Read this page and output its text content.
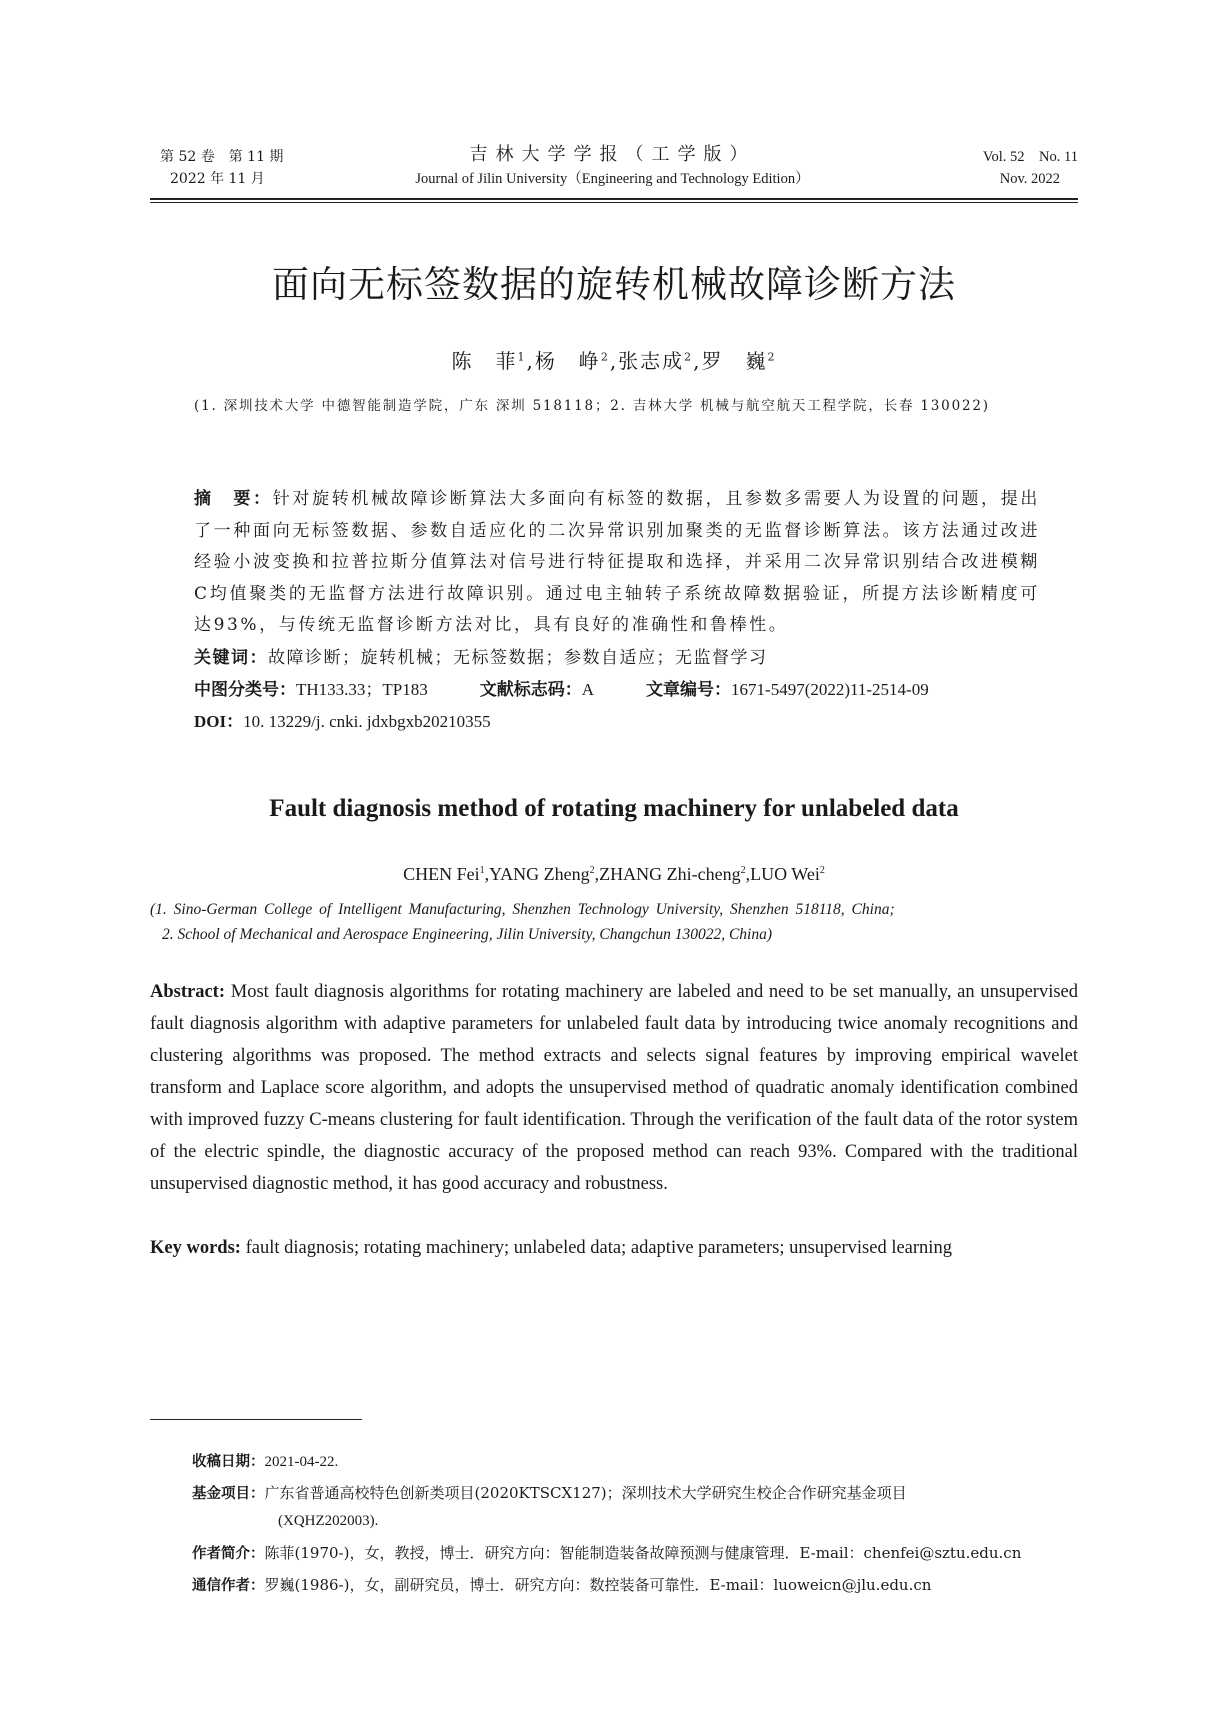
第 52 卷　第 11 期
2022 年 11 月
吉林大学学报（工学版）
Journal of Jilin University（Engineering and Technology Edition）
Vol. 52　No. 11
Nov. 2022
面向无标签数据的旋转机械故障诊断方法
陈　菲$^1$,杨　峥$^2$,张志成$^2$,罗　巍$^2$
(1. 深圳技术大学 中德智能制造学院，广东 深圳 518118；2. 吉林大学 机械与航空航天工程学院，长春 130022)
摘　要：针对旋转机械故障诊断算法大多面向有标签的数据，且参数多需要人为设置的问题，提出了一种面向无标签数据、参数自适应化的二次异常识别加聚类的无监督诊断算法。该方法通过改进经验小波变换和拉普拉斯分值算法对信号进行特征提取和选择，并采用二次异常识别结合改进模糊C均值聚类的无监督方法进行故障识别。通过电主轴转子系统故障数据验证，所提方法诊断精度可达93%，与传统无监督诊断方法对比，具有良好的准确性和鲁棒性。
关键词：故障诊断；旋转机械；无标签数据；参数自适应；无监督学习
中图分类号：TH133.33；TP183	文献标志码：A	文章编号：1671-5497(2022)11-2514-09
DOI：10. 13229/j. cnki. jdxbgxb20210355
Fault diagnosis method of rotating machinery for unlabeled data
CHEN Fei$^1$,YANG Zheng$^2$,ZHANG Zhi-cheng$^2$,LUO Wei$^2$
(1. Sino-German College of Intelligent Manufacturing, Shenzhen Technology University, Shenzhen 518118, China;
2. School of Mechanical and Aerospace Engineering, Jilin University, Changchun 130022, China)
Abstract: Most fault diagnosis algorithms for rotating machinery are labeled and need to be set manually, an unsupervised fault diagnosis algorithm with adaptive parameters for unlabeled fault data by introducing twice anomaly recognitions and clustering algorithms was proposed. The method extracts and selects signal features by improving empirical wavelet transform and Laplace score algorithm, and adopts the unsupervised method of quadratic anomaly identification combined with improved fuzzy C-means clustering for fault identification. Through the verification of the fault data of the rotor system of the electric spindle, the diagnostic accuracy of the proposed method can reach 93%. Compared with the traditional unsupervised diagnostic method, it has good accuracy and robustness.
Key words: fault diagnosis; rotating machinery; unlabeled data; adaptive parameters; unsupervised learning
收稿日期：2021-04-22.
基金项目：广东省普通高校特色创新类项目(2020KTSCX127)；深圳技术大学研究生校企合作研究基金项目
(XQHZ202003).
作者简介：陈菲(1970-)，女，教授，博士．研究方向：智能制造装备故障预测与健康管理．E-mail：chenfei@sztu.edu.cn
通信作者：罗巍(1986-)，女，副研究员，博士．研究方向：数控装备可靠性．E-mail：luoweicn@jlu.edu.cn
